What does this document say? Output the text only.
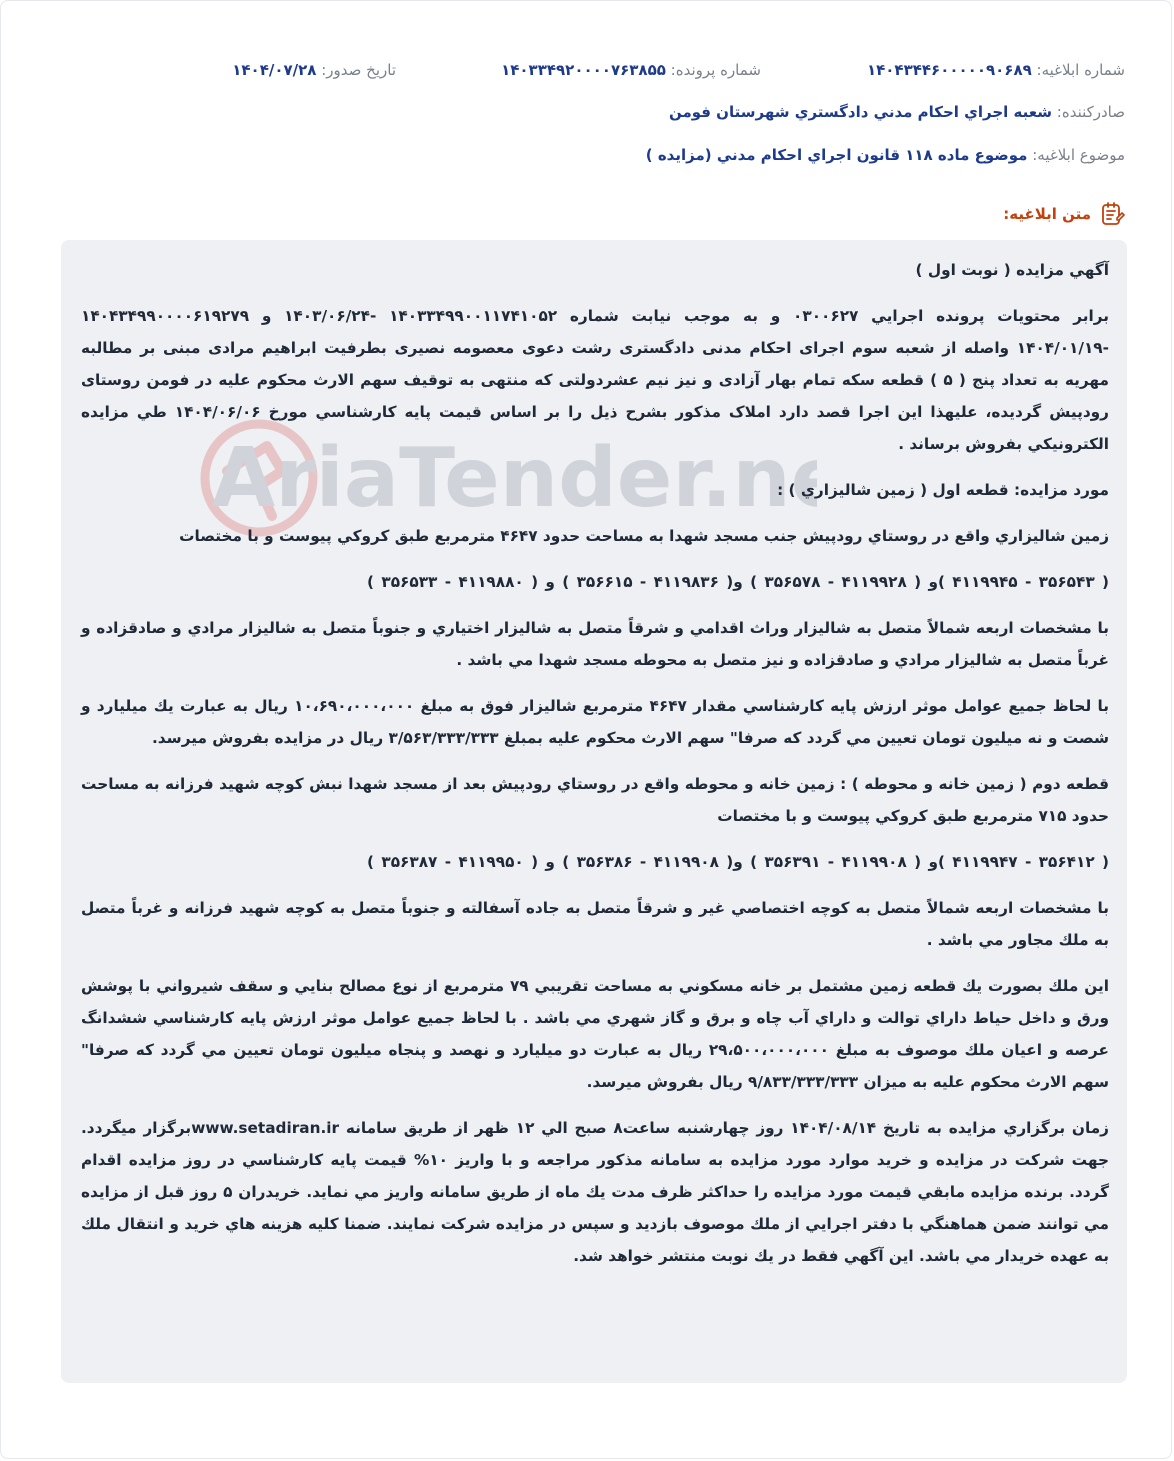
شماره ابلاغيه: ۱۴۰۴۳۴۴۶۰۰۰۰۰۹۰۶۸۹
شماره پرونده: ۱۴۰۳۳۴۹۲۰۰۰۰۷۶۳۸۵۵
تاريخ صدور: ۱۴۰۴/۰۷/۲۸
صادرکننده: شعبه اجراي احکام مدني دادگستري شهرستان فومن
موضوع ابلاغيه: موضوع ماده ۱۱۸ قانون اجراي احکام مدني (مزايده )
متن ابلاغيه:

آگهي مزايده ( نوبت اول )

برابر محتويات پرونده اجرايي ۰۳۰۰۶۲۷ و به موجب نيابت شماره ۱۴۰۳۳۴۹۹۰۰۱۱۷۴۱۰۵۲ -۱۴۰۳/۰۶/۲۴ و ۱۴۰۴۳۴۹۹۰۰۰۰۶۱۹۲۷۹ -۱۴۰۴/۰۱/۱۹ واصله از شعبه سوم اجرای احکام مدنی دادگستری رشت دعوی معصومه نصیری بطرفیت ابراهیم مرادی مبنی بر مطالبه مهریه به تعداد پنج ( ۵ ) قطعه سکه تمام بهار آزادی و نیز نیم عشردولتی که منتهی به توقیف سهم الارث محکوم علیه در فومن روستای رودپیش گرديده، عليهذا اين اجرا قصد دارد املاک مذکور بشرح ذيل را بر اساس قيمت پايه کارشناسي مورخ ۱۴۰۴/۰۶/۰۶ طي مزايده الکترونيکي بفروش برساند .

مورد مزايده: قطعه اول ( زمين شاليزاري ) :

زمين شاليزاري واقع در روستاي رودپيش جنب مسجد شهدا به مساحت حدود ۴۶۴۷ مترمربع طبق کروکي پيوست و با مختصات

( ۳۵۶۵۴۳ - ۴۱۱۹۹۴۵ )و ( ۴۱۱۹۹۲۸ - ۳۵۶۵۷۸ ) و( ۴۱۱۹۸۳۶ - ۳۵۶۶۱۵ ) و ( ۴۱۱۹۸۸۰ - ۳۵۶۵۳۳ )

با مشخصات اربعه شمالاً متصل به شاليزار وراث اقدامي و شرقاً متصل به شاليزار اختياري و جنوباً متصل به شاليزار مرادي و صادقزاده و غرباً متصل به شاليزار مرادي و صادقزاده و نيز متصل به محوطه مسجد شهدا مي باشد .

با لحاظ جميع عوامل موثر ارزش پايه کارشناسي مقدار ۴۶۴۷ مترمربع شاليزار فوق به مبلغ ۱۰،۶۹۰،۰۰۰،۰۰۰ ريال به عبارت يك ميليارد و شصت و نه ميليون تومان تعيين مي گردد که صرفا" سهم الارث محکوم عليه بمبلغ ۳/۵۶۳/۳۳۳/۳۳۳ ريال در مزايده بفروش ميرسد.

قطعه دوم ( زمين خانه و محوطه ) : زمين خانه و محوطه واقع در روستاي رودپيش بعد از مسجد شهدا نبش کوچه شهيد فرزانه به مساحت حدود ۷۱۵ مترمربع طبق کروکي پيوست و با مختصات

( ۳۵۶۴۱۲ - ۴۱۱۹۹۴۷ )و ( ۴۱۱۹۹۰۸ - ۳۵۶۳۹۱ ) و( ۴۱۱۹۹۰۸ - ۳۵۶۳۸۶ ) و ( ۴۱۱۹۹۵۰ - ۳۵۶۳۸۷ )

با مشخصات اربعه شمالاً متصل به کوچه اختصاصي غير و شرقاً متصل به جاده آسفالته و جنوباً متصل به کوچه شهيد فرزانه و غرباً متصل به ملك مجاور مي باشد .

اين ملك بصورت يك قطعه زمين مشتمل بر خانه مسکوني به مساحت تقريبي ۷۹ مترمربع از نوع مصالح بنايي و سقف شيرواني با پوشش ورق و داخل حياط داراي توالت و داراي آب چاه و برق و گاز شهري مي باشد . با لحاظ جميع عوامل موثر ارزش پايه کارشناسي ششدانگ عرصه و اعيان ملك موصوف به مبلغ ۲۹،۵۰۰،۰۰۰،۰۰۰ ريال به عبارت دو ميليارد و نهصد و پنجاه ميليون تومان تعيين مي گردد که صرفا" سهم الارث محکوم عليه به ميزان ۹/۸۳۳/۳۳۳/۳۳۳ ريال بفروش ميرسد.

زمان برگزاري مزايده به تاريخ ۱۴۰۴/۰۸/۱۴ روز چهارشنبه ساعت۸ صبح الي ۱۲ ظهر از طريق سامانه www.setadiran.irبرگزار ميگردد. جهت شرکت در مزايده و خريد موارد مورد مزايده به سامانه مذکور مراجعه و با واريز ۱۰% قيمت پايه کارشناسي در روز مزايده اقدام گردد. برنده مزايده مابقي قيمت مورد مزايده را حداکثر ظرف مدت يك ماه از طريق سامانه واريز مي نمايد. خريدران ۵ روز قبل از مزايده مي توانند ضمن هماهنگي با دفتر اجرايي از ملك موصوف بازديد و سپس در مزايده شرکت نمايند. ضمنا کليه هزينه هاي خريد و انتقال ملك به عهده خريدار مي باشد. اين آگهي فقط در يك نوبت منتشر خواهد شد.

AriaTender.n
